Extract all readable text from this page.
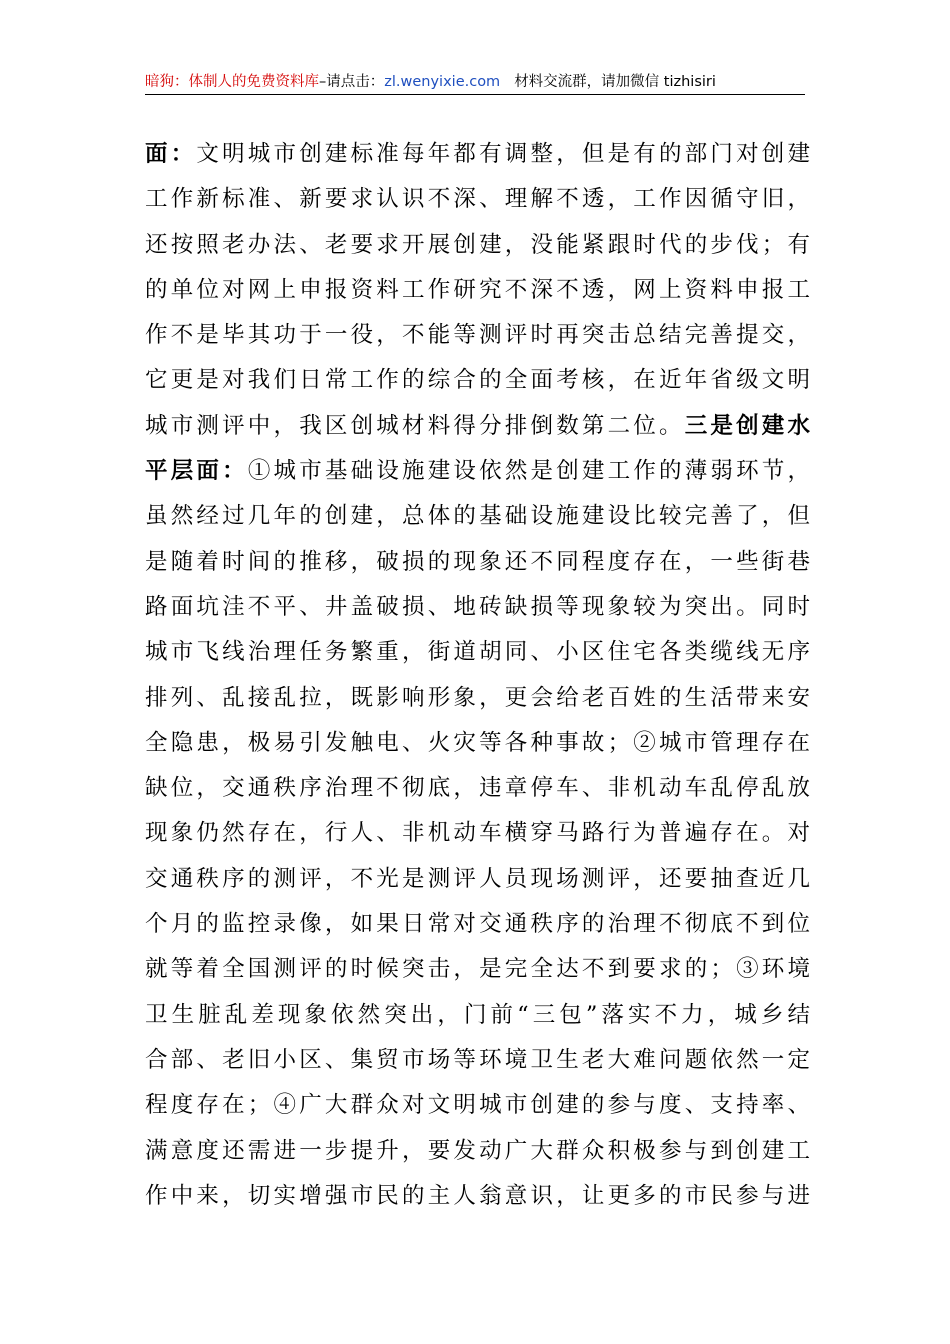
暗狗：体制人的免费资料库–请点击：zl.wenyixie.com 材料交流群，请加微信 tizhisiri
面：文明城市创建标准每年都有调整，但是有的部门对创建
工作新标准、新要求认识不深、理解不透，工作因循守旧，
还按照老办法、老要求开展创建，没能紧跟时代的步伐；有
的单位对网上申报资料工作研究不深不透，网上资料申报工
作不是毕其功于一役，不能等测评时再突击总结完善提交，
它更是对我们日常工作的综合的全面考核，在近年省级文明
城市测评中，我区创城材料得分排倒数第二位。三是创建水
平层面：①城市基础设施建设依然是创建工作的薄弱环节，
虽然经过几年的创建，总体的基础设施建设比较完善了，但
是随着时间的推移，破损的现象还不同程度存在，一些街巷
路面坑洼不平、井盖破损、地砖缺损等现象较为突出。同时
城市飞线治理任务繁重，街道胡同、小区住宅各类缆线无序
排列、乱接乱拉，既影响形象，更会给老百姓的生活带来安
全隐患，极易引发触电、火灾等各种事故；②城市管理存在
缺位，交通秩序治理不彻底，违章停车、非机动车乱停乱放
现象仍然存在，行人、非机动车横穿马路行为普遍存在。对
交通秩序的测评，不光是测评人员现场测评，还要抽查近几
个月的监控录像，如果日常对交通秩序的治理不彻底不到位
就等着全国测评的时候突击，是完全达不到要求的；③环境
卫生脏乱差现象依然突出，门前“三包”落实不力，城乡结
合部、老旧小区、集贸市场等环境卫生老大难问题依然一定
程度存在；④广大群众对文明城市创建的参与度、支持率、
满意度还需进一步提升，要发动广大群众积极参与到创建工
作中来，切实增强市民的主人翁意识，让更多的市民参与进
